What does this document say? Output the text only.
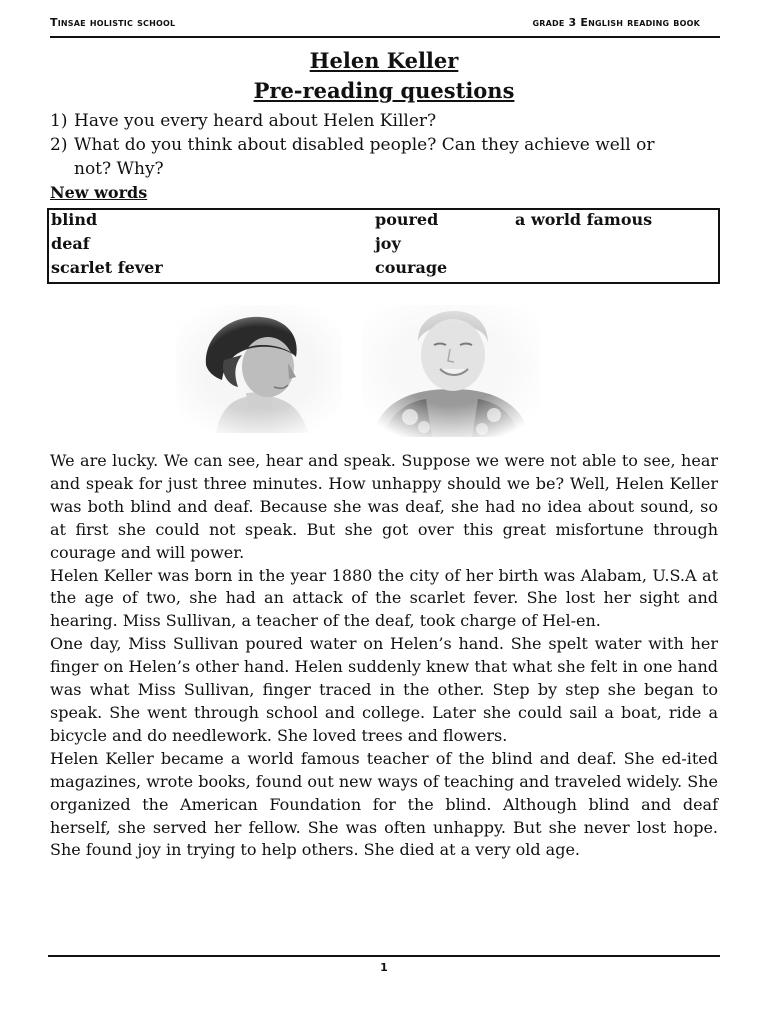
Tinsae holistic school	grade 3 English reading book
Helen Keller
Pre-reading questions
1) Have you every heard about Helen Killer?
2) What do you think about disabled people? Can they achieve well or
not? Why?
New words
blind
deaf
scarlet fever
poured
joy
courage
a world famous

We are lucky. We can see, hear and speak. Suppose we were not able to see, hear and speak for just three minutes. How unhappy should we be? Well, Helen Keller was both blind and deaf. Because she was deaf, she had no idea about sound, so at first she could not speak. But she got over this great misfortune through courage and will power.

Helen Keller was born in the year 1880 the city of her birth was Alabam, U.S.A at the age of two, she had an attack of the scarlet fever. She lost her sight and hearing. Miss Sullivan, a teacher of the deaf, took charge of Hel-en.

One day, Miss Sullivan poured water on Helen’s hand. She spelt water with her finger on Helen’s other hand. Helen suddenly knew that what she felt in one hand was what Miss Sullivan, finger traced in the other. Step by step she began to speak. She went through school and college. Later she could sail a boat, ride a bicycle and do needlework. She loved trees and flowers.

Helen Keller became a world famous teacher of the blind and deaf. She ed-ited magazines, wrote books, found out new ways of teaching and traveled widely. She organized the American Foundation for the blind. Although blind and deaf herself, she served her fellow. She was often unhappy. But she never lost hope. She found joy in trying to help others. She died at a very old age.

1
